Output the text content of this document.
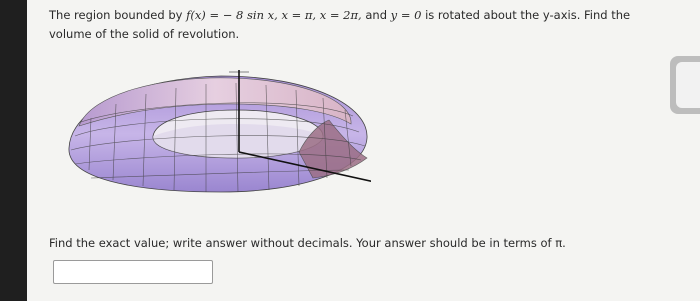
The region bounded by f(x) = − 8 sin x, x = π, x = 2π, and y = 0 is rotated about the y-axis. Find the volume of the solid of revolution.
Find the exact value; write answer without decimals. Your answer should be in terms of π.
